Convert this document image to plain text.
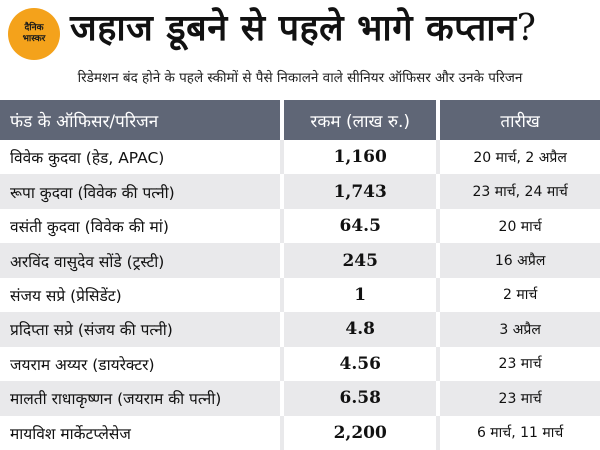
दैनिक
भास्कर जहाज डूबने से पहले भागे कप्तान?
रिडेमशन बंद होने के पहले स्कीमों से पैसे निकालने वाले सीनियर ऑफिसर और उनके परिजन
फंड के ऑफिसर/परिजन	रकम (लाख रु.)	तारीख
विवेक कुदवा (हेड, APAC)	1,160	20 मार्च, 2 अप्रैल
रूपा कुदवा (विवेक की पत्नी)	1,743	23 मार्च, 24 मार्च
वसंती कुदवा (विवेक की मां)	64.5	20 मार्च
अरविंद वासुदेव सोंडे (ट्रस्टी)	245	16 अप्रैल
संजय सप्रे (प्रेसिडेंट)	1	2 मार्च
प्रदिप्ता सप्रे (संजय की पत्नी)	4.8	3 अप्रैल
जयराम अय्यर (डायरेक्टर)	4.56	23 मार्च
मालती राधाकृष्णन (जयराम की पत्नी)	6.58	23 मार्च
मायविश मार्केटप्लेसेज	2,200	6 मार्च, 11 मार्च
